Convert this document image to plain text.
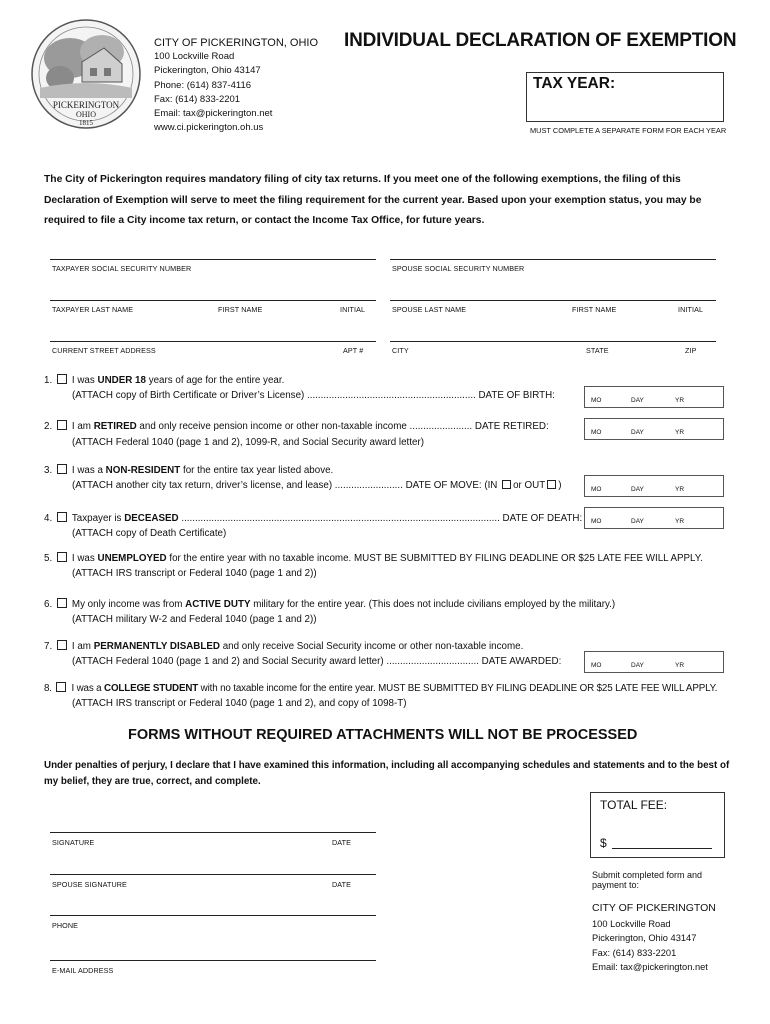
PICKERINGTON
OHIO
1815
CITY OF PICKERINGTON, OHIO
100 Lockville Road
Pickerington, Ohio 43147
Phone: (614) 837-4116
Fax: (614) 833-2201
Email: tax@pickerington.net
www.ci.pickerington.oh.us
INDIVIDUAL DECLARATION OF EXEMPTION
TAX YEAR:
MUST COMPLETE A SEPARATE FORM FOR EACH YEAR
The City of Pickerington requires mandatory filing of city tax returns. If you meet one of the following exemptions, the filing of this Declaration of Exemption will serve to meet the filing requirement for the current year. Based upon your exemption status, you may be required to file a City income tax return, or contact the Income Tax Office, for future years.
TAXPAYER SOCIAL SECURITY NUMBER	SPOUSE SOCIAL SECURITY NUMBER
TAXPAYER LAST NAME	FIRST NAME	INITIAL	SPOUSE LAST NAME	FIRST NAME	INITIAL
CURRENT STREET ADDRESS	APT #	CITY	STATE	ZIP
1. I was UNDER 18 years of age for the entire year.
(ATTACH copy of Birth Certificate or Driver’s License) .............................................................. DATE OF BIRTH:	MO	DAY	YR
2. I am RETIRED and only receive pension income or other non-taxable income ....................... DATE RETIRED:
(ATTACH Federal 1040 (page 1 and 2), 1099-R, and Social Security award letter)
MO	DAY	YR
3. I was a NON-RESIDENT for the entire tax year listed above.
(ATTACH another city tax return, driver’s license, and lease) ......................... DATE OF MOVE: (IN or OUT )	MO	DAY	YR
4. Taxpayer is DECEASED ..................................................................................................................... DATE OF DEATH:
(ATTACH copy of Death Certificate)
MO	DAY	YR
5. I was UNEMPLOYED for the entire year with no taxable income. MUST BE SUBMITTED BY FILING DEADLINE OR $25 LATE FEE WILL APPLY.
(ATTACH IRS transcript or Federal 1040 (page 1 and 2))
6. My only income was from ACTIVE DUTY military for the entire year. (This does not include civilians employed by the military.)
(ATTACH military W-2 and Federal 1040 (page 1 and 2))
7. I am PERMANENTLY DISABLED and only receive Social Security income or other non-taxable income.
(ATTACH Federal 1040 (page 1 and 2) and Social Security award letter) .................................. DATE AWARDED:	MO	DAY	YR
8. I was a COLLEGE STUDENT with no taxable income for the entire year. MUST BE SUBMITTED BY FILING DEADLINE OR $25 LATE FEE WILL APPLY.
(ATTACH IRS transcript or Federal 1040 (page 1 and 2), and copy of 1098-T)
FORMS WITHOUT REQUIRED ATTACHMENTS WILL NOT BE PROCESSED
Under penalties of perjury, I declare that I have examined this information, including all accompanying schedules and statements and to the best of my belief, they are true, correct, and complete.
SIGNATURE	DATE
SPOUSE SIGNATURE	DATE
PHONE
E-MAIL ADDRESS
TOTAL FEE:
$
Submit completed form and
payment to:
CITY OF PICKERINGTON
100 Lockville Road
Pickerington, Ohio 43147
Fax: (614) 833-2201
Email: tax@pickerington.net
